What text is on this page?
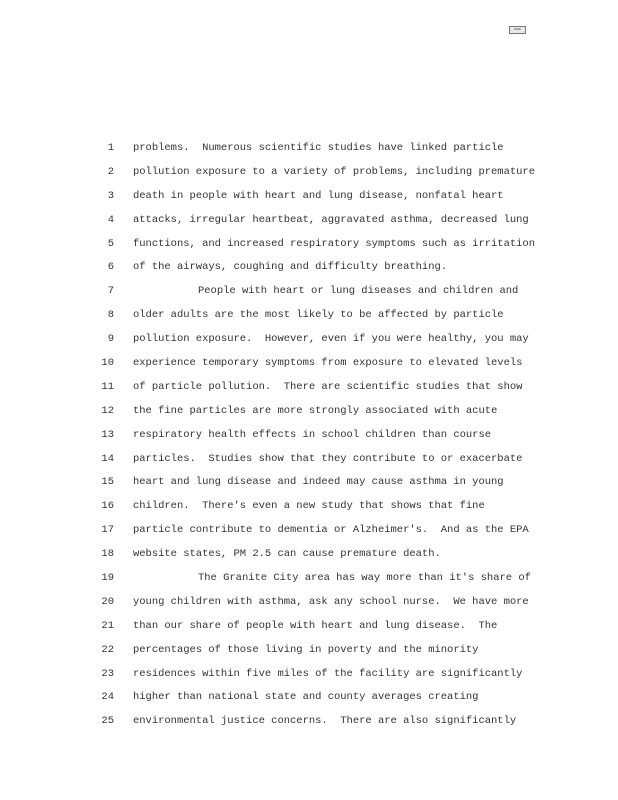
PAGE
1 problems.  Numerous scientific studies have linked particle
2 pollution exposure to a variety of problems, including premature
3 death in people with heart and lung disease, nonfatal heart
4 attacks, irregular heartbeat, aggravated asthma, decreased lung
5 functions, and increased respiratory symptoms such as irritation
6 of the airways, coughing and difficulty breathing.
7	People with heart or lung diseases and children and
8 older adults are the most likely to be affected by particle
9 pollution exposure.  However, even if you were healthy, you may
10 experience temporary symptoms from exposure to elevated levels
11 of particle pollution.  There are scientific studies that show
12 the fine particles are more strongly associated with acute
13 respiratory health effects in school children than course
14 particles.  Studies show that they contribute to or exacerbate
15 heart and lung disease and indeed may cause asthma in young
16 children.  There's even a new study that shows that fine
17 particle contribute to dementia or Alzheimer's.  And as the EPA
18 website states, PM 2.5 can cause premature death.
19	The Granite City area has way more than it's share of
20 young children with asthma, ask any school nurse.  We have more
21 than our share of people with heart and lung disease.  The
22 percentages of those living in poverty and the minority
23 residences within five miles of the facility are significantly
24 higher than national state and county averages creating
25 environmental justice concerns.  There are also significantly
